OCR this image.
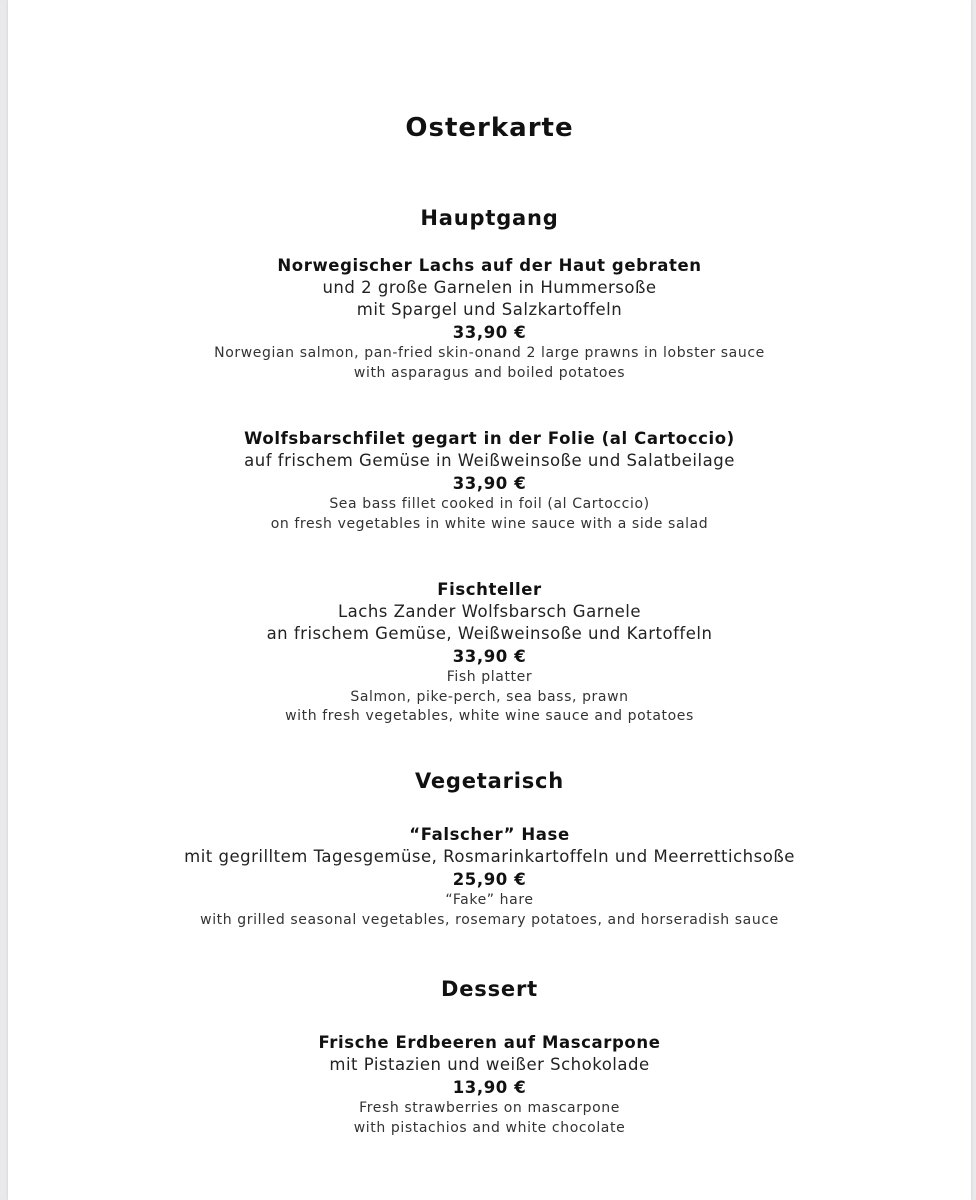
Osterkarte
Hauptgang
Norwegischer Lachs auf der Haut gebraten
und 2 große Garnelen in Hummersoße
mit Spargel und Salzkartoffeln
33,90 €
Norwegian salmon, pan-fried skin-onand 2 large prawns in lobster sauce
with asparagus and boiled potatoes
Wolfsbarschfilet gegart in der Folie (al Cartoccio)
auf frischem Gemüse in Weißweinsoße und Salatbeilage
33,90 €
Sea bass fillet cooked in foil (al Cartoccio)
on fresh vegetables in white wine sauce with a side salad
Fischteller
Lachs Zander Wolfsbarsch Garnele
an frischem Gemüse, Weißweinsoße und Kartoffeln
33,90 €
Fish platter
Salmon, pike-perch, sea bass, prawn
with fresh vegetables, white wine sauce and potatoes
Vegetarisch
“Falscher” Hase
mit gegrilltem Tagesgemüse, Rosmarinkartoffeln und Meerrettichsoße
25,90 €
“Fake” hare
with grilled seasonal vegetables, rosemary potatoes, and horseradish sauce
Dessert
Frische Erdbeeren auf Mascarpone
mit Pistazien und weißer Schokolade
13,90 €
Fresh strawberries on mascarpone
with pistachios and white chocolate
